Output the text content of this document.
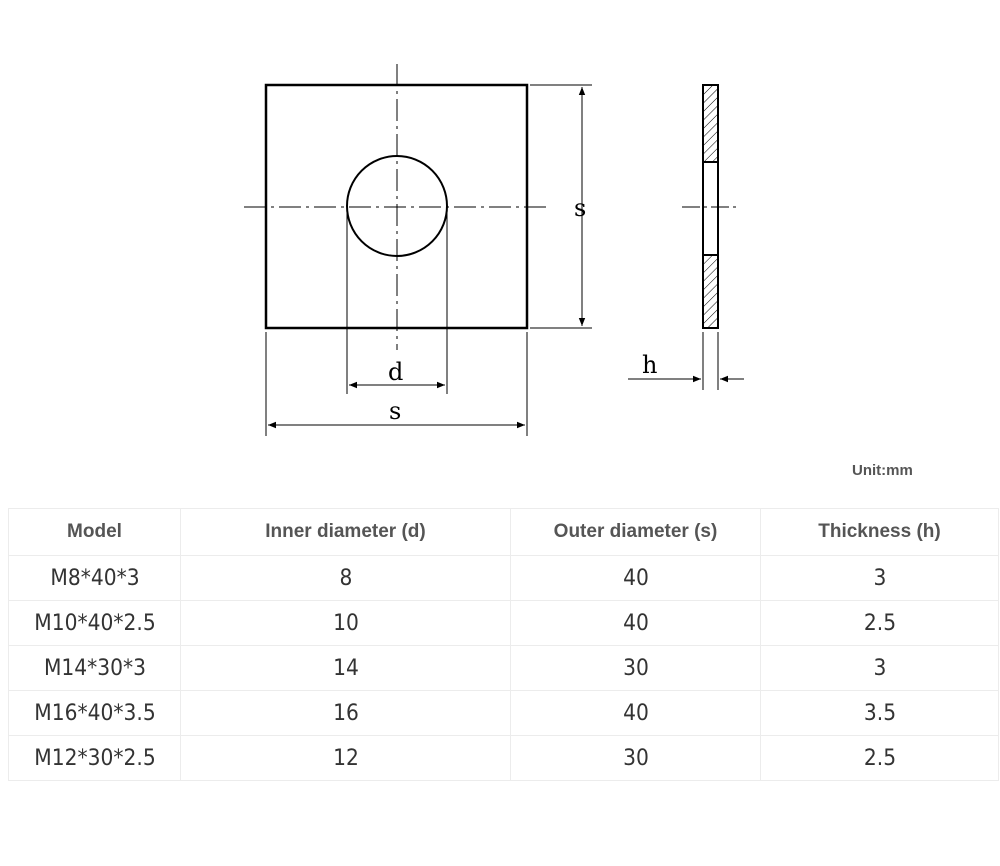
s
d
s
h
Unit:mm
Model	Inner diameter (d)	Outer diameter (s)	Thickness (h)
M8*40*3	8	40	3
M10*40*2.5	10	40	2.5
M14*30*3	14	30	3
M16*40*3.5	16	40	3.5
M12*30*2.5	12	30	2.5
